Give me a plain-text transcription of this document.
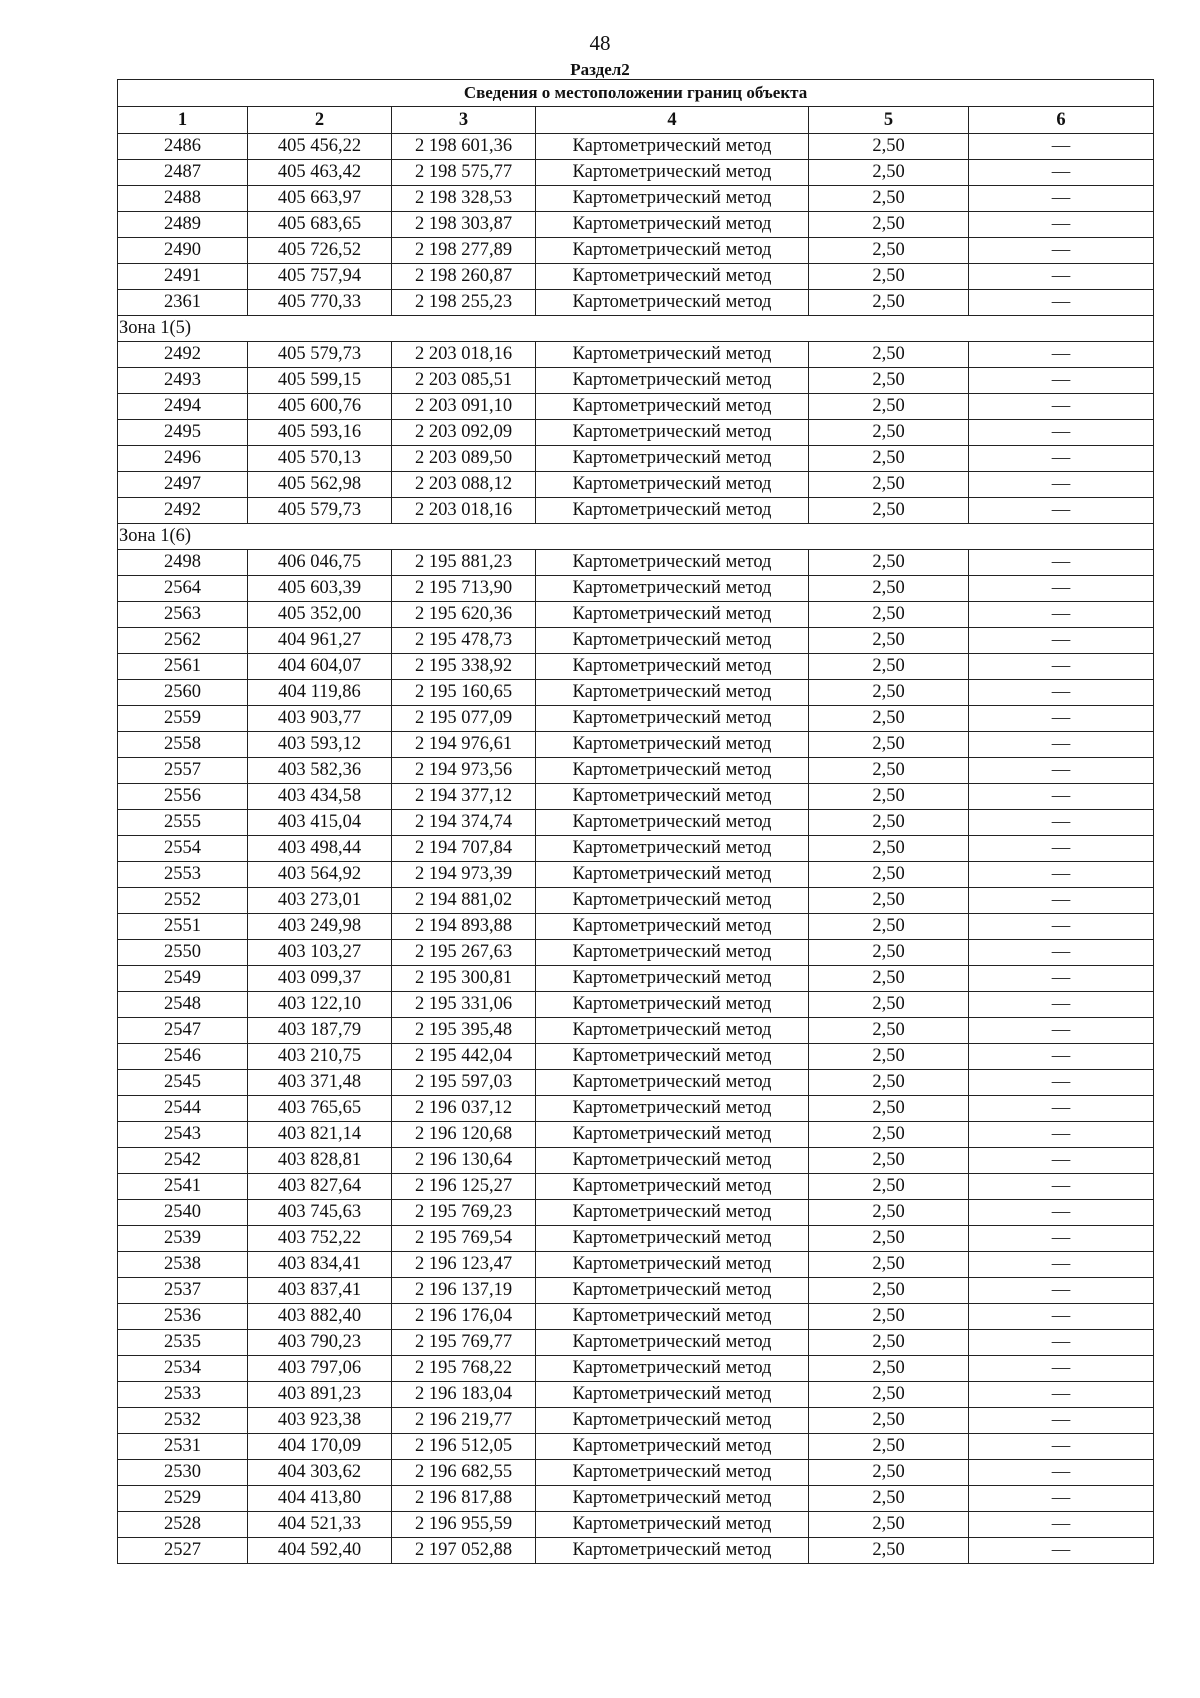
48
Раздел2
Сведения о местоположении границ объекта					
1	2	3	4	5	6
2486	405 456,22	2 198 601,36	Картометрический метод	2,50	—
2487	405 463,42	2 198 575,77	Картометрический метод	2,50	—
2488	405 663,97	2 198 328,53	Картометрический метод	2,50	—
2489	405 683,65	2 198 303,87	Картометрический метод	2,50	—
2490	405 726,52	2 198 277,89	Картометрический метод	2,50	—
2491	405 757,94	2 198 260,87	Картометрический метод	2,50	—
2361	405 770,33	2 198 255,23	Картометрический метод	2,50	—
Зона 1(5)					
2492	405 579,73	2 203 018,16	Картометрический метод	2,50	—
2493	405 599,15	2 203 085,51	Картометрический метод	2,50	—
2494	405 600,76	2 203 091,10	Картометрический метод	2,50	—
2495	405 593,16	2 203 092,09	Картометрический метод	2,50	—
2496	405 570,13	2 203 089,50	Картометрический метод	2,50	—
2497	405 562,98	2 203 088,12	Картометрический метод	2,50	—
2492	405 579,73	2 203 018,16	Картометрический метод	2,50	—
Зона 1(6)					
2498	406 046,75	2 195 881,23	Картометрический метод	2,50	—
2564	405 603,39	2 195 713,90	Картометрический метод	2,50	—
2563	405 352,00	2 195 620,36	Картометрический метод	2,50	—
2562	404 961,27	2 195 478,73	Картометрический метод	2,50	—
2561	404 604,07	2 195 338,92	Картометрический метод	2,50	—
2560	404 119,86	2 195 160,65	Картометрический метод	2,50	—
2559	403 903,77	2 195 077,09	Картометрический метод	2,50	—
2558	403 593,12	2 194 976,61	Картометрический метод	2,50	—
2557	403 582,36	2 194 973,56	Картометрический метод	2,50	—
2556	403 434,58	2 194 377,12	Картометрический метод	2,50	—
2555	403 415,04	2 194 374,74	Картометрический метод	2,50	—
2554	403 498,44	2 194 707,84	Картометрический метод	2,50	—
2553	403 564,92	2 194 973,39	Картометрический метод	2,50	—
2552	403 273,01	2 194 881,02	Картометрический метод	2,50	—
2551	403 249,98	2 194 893,88	Картометрический метод	2,50	—
2550	403 103,27	2 195 267,63	Картометрический метод	2,50	—
2549	403 099,37	2 195 300,81	Картометрический метод	2,50	—
2548	403 122,10	2 195 331,06	Картометрический метод	2,50	—
2547	403 187,79	2 195 395,48	Картометрический метод	2,50	—
2546	403 210,75	2 195 442,04	Картометрический метод	2,50	—
2545	403 371,48	2 195 597,03	Картометрический метод	2,50	—
2544	403 765,65	2 196 037,12	Картометрический метод	2,50	—
2543	403 821,14	2 196 120,68	Картометрический метод	2,50	—
2542	403 828,81	2 196 130,64	Картометрический метод	2,50	—
2541	403 827,64	2 196 125,27	Картометрический метод	2,50	—
2540	403 745,63	2 195 769,23	Картометрический метод	2,50	—
2539	403 752,22	2 195 769,54	Картометрический метод	2,50	—
2538	403 834,41	2 196 123,47	Картометрический метод	2,50	—
2537	403 837,41	2 196 137,19	Картометрический метод	2,50	—
2536	403 882,40	2 196 176,04	Картометрический метод	2,50	—
2535	403 790,23	2 195 769,77	Картометрический метод	2,50	—
2534	403 797,06	2 195 768,22	Картометрический метод	2,50	—
2533	403 891,23	2 196 183,04	Картометрический метод	2,50	—
2532	403 923,38	2 196 219,77	Картометрический метод	2,50	—
2531	404 170,09	2 196 512,05	Картометрический метод	2,50	—
2530	404 303,62	2 196 682,55	Картометрический метод	2,50	—
2529	404 413,80	2 196 817,88	Картометрический метод	2,50	—
2528	404 521,33	2 196 955,59	Картометрический метод	2,50	—
2527	404 592,40	2 197 052,88	Картометрический метод	2,50	—
